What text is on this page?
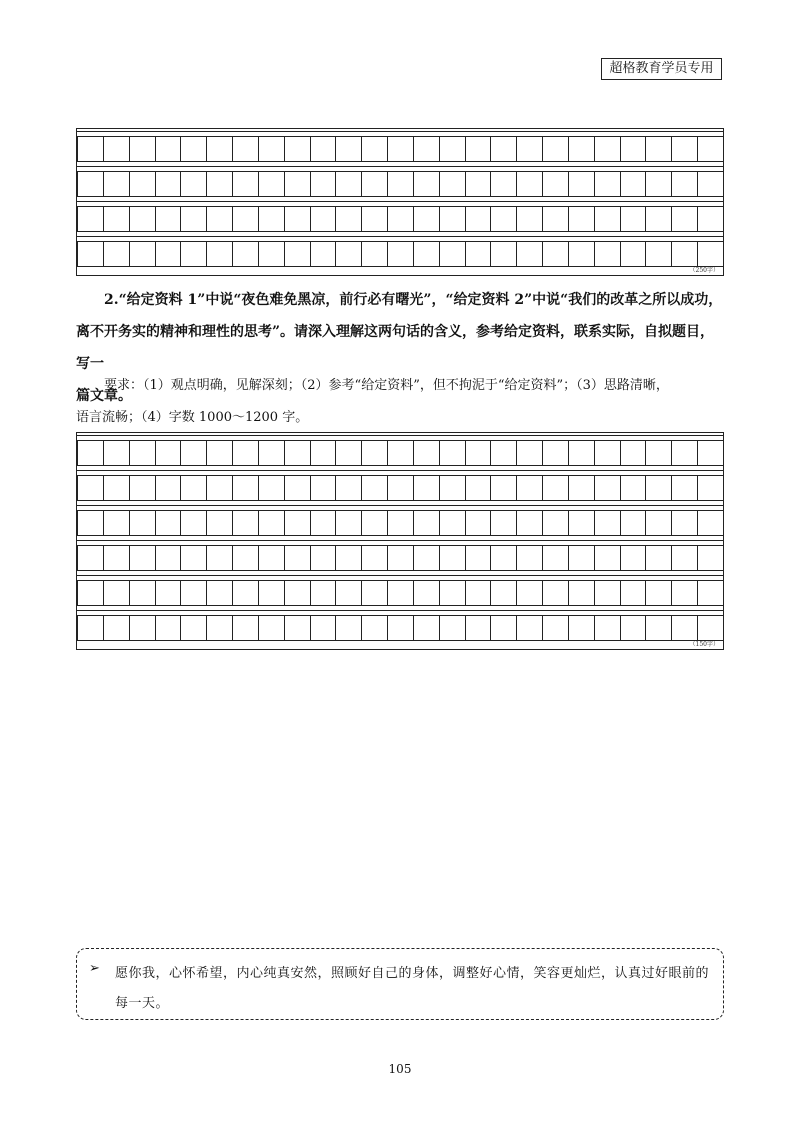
超格教育学员专用
（250字）

2.“给定资料 1”中说“夜色难免黑凉，前行必有曙光”，“给定资料 2”中说“我们的改革之所以成功，

离不开务实的精神和理性的思考”。请深入理解这两句话的含义，参考给定资料，联系实际，自拟题目，写一

篇文章。

要求：（1）观点明确，见解深刻；（2）参考“给定资料”，但不拘泥于“给定资料”；（3）思路清晰，

语言流畅；（4）字数 1000～1200 字。

（150字）
➢ 愿你我，心怀希望，内心纯真安然，照顾好自己的身体，调整好心情，笑容更灿烂，认真过好眼前的每一天。
105
